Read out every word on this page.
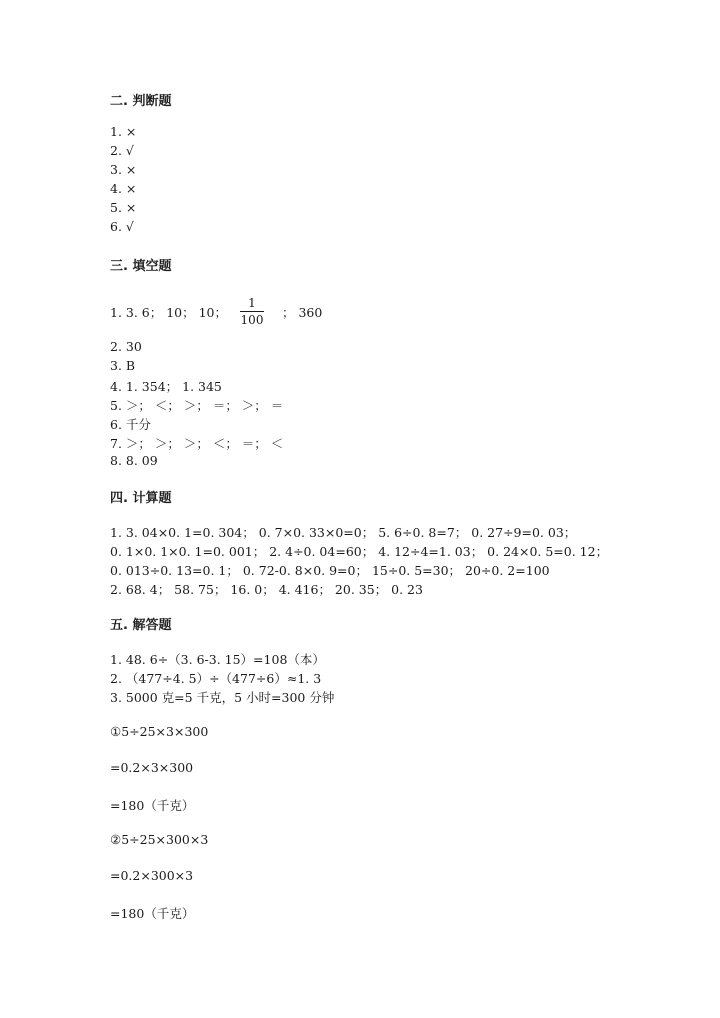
二. 判断题
1. ×
2. √
3. ×
4. ×
5. ×
6. √
三. 填空题
1. 3. 6； 10； 10；
1
100 ； 360
2. 30
3. B
4. 1. 354； 1. 345
5. ＞； ＜； ＞； ＝； ＞； ＝
6. 千分
7. ＞； ＞； ＞； ＜； ＝； ＜
8. 8. 09
四. 计算题
1. 3. 04×0. 1=0. 304； 0. 7×0. 33×0=0； 5. 6÷0. 8=7； 0. 27÷9=0. 03；
0. 1×0. 1×0. 1=0. 001； 2. 4÷0. 04=60； 4. 12÷4=1. 03； 0. 24×0. 5=0. 12；
0. 013÷0. 13=0. 1； 0. 72-0. 8×0. 9=0； 15÷0. 5=30； 20÷0. 2=100
2. 68. 4； 58. 75； 16. 0； 4. 416； 20. 35； 0. 23
五. 解答题
1. 48. 6÷（3. 6-3. 15）=108（本）
2. （477÷4. 5）÷（477÷6）≈1. 3
3. 5000 克=5 千克，5 小时=300 分钟
①5÷25×3×300
=0.2×3×300
=180（千克）
②5÷25×300×3
=0.2×300×3
=180（千克）
